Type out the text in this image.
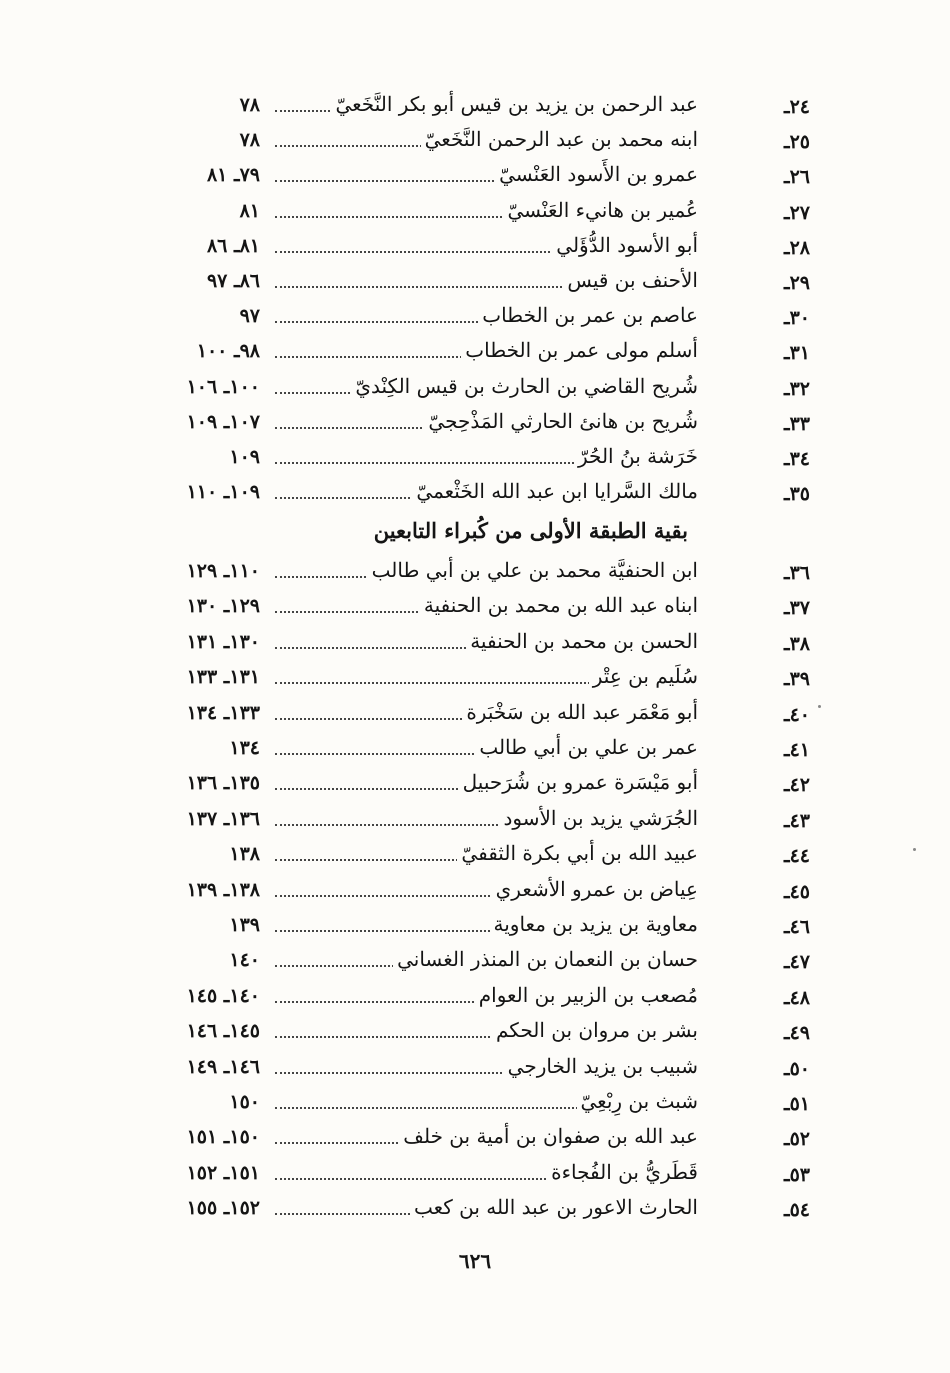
٢٤ـ
عبد الرحمن بن يزيد بن قيس أبو بكر النَّخَعيّ
٧٨
٢٥ـ
ابنه محمد بن عبد الرحمن النَّخَعيّ
٧٨
٢٦ـ
عمرو بن الأَسود العَنْسيّ
٧٩ـ ٨١
٢٧ـ
عُمير بن هانيء العَنْسيّ
٨١
٢٨ـ
أبو الأسود الدُّؤَلي
٨١ـ ٨٦
٢٩ـ
الأحنف بن قيس
٨٦ـ ٩٧
٣٠ـ
عاصم بن عمر بن الخطاب
٩٧
٣١ـ
أسلم مولى عمر بن الخطاب
٩٨ـ ١٠٠
٣٢ـ
شُريح القاضي بن الحارث بن قيس الكِنْديّ
١٠٠ـ ١٠٦
٣٣ـ
شُريح بن هانئ الحارثي المَذْحِجيّ
١٠٧ـ ١٠٩
٣٤ـ
خَرَشة بنُ الحُرّ
١٠٩
٣٥ـ
مالك السَّرايا ابن عبد الله الخَثْعميّ
١٠٩ـ ١١٠
بقية الطبقة الأولى من كُبراء التابعين
٣٦ـ
ابن الحنفيَّة محمد بن علي بن أبي طالب
١١٠ـ ١٢٩
٣٧ـ
ابناه عبد الله بن محمد بن الحنفية
١٢٩ـ ١٣٠
٣٨ـ
الحسن بن محمد بن الحنفية
١٣٠ـ ١٣١
٣٩ـ
سُلَيم بن عِتْر
١٣١ـ ١٣٣
٤٠ـ
أبو مَعْمَر عبد الله بن سَخْبَرة
١٣٣ـ ١٣٤
٤١ـ
عمر بن علي بن أبي طالب
١٣٤
٤٢ـ
أبو مَيْسَرة عمرو بن شُرَحبيل
١٣٥ـ ١٣٦
٤٣ـ
الجُرَشي يزيد بن الأسود
١٣٦ـ ١٣٧
٤٤ـ
عبيد الله بن أبي بكرة الثقفيّ
١٣٨
٤٥ـ
عِياض بن عمرو الأشعري
١٣٨ـ ١٣٩
٤٦ـ
معاوية بن يزيد بن معاوية
١٣٩
٤٧ـ
حسان بن النعمان بن المنذر الغساني
١٤٠
٤٨ـ
مُصعب بن الزبير بن العوام
١٤٠ـ ١٤٥
٤٩ـ
بشر بن مروان بن الحكم
١٤٥ـ ١٤٦
٥٠ـ
شبيب بن يزيد الخارجي
١٤٦ـ ١٤٩
٥١ـ
شبث بن رِبْعِيّ
١٥٠
٥٢ـ
عبد الله بن صفوان بن أمية بن خلف
١٥٠ـ ١٥١
٥٣ـ
قَطَريُّ بن الفُجاءة
١٥١ـ ١٥٢
٥٤ـ
الحارث الاعور بن عبد الله بن كعب
١٥٢ـ ١٥٥
٦٢٦
